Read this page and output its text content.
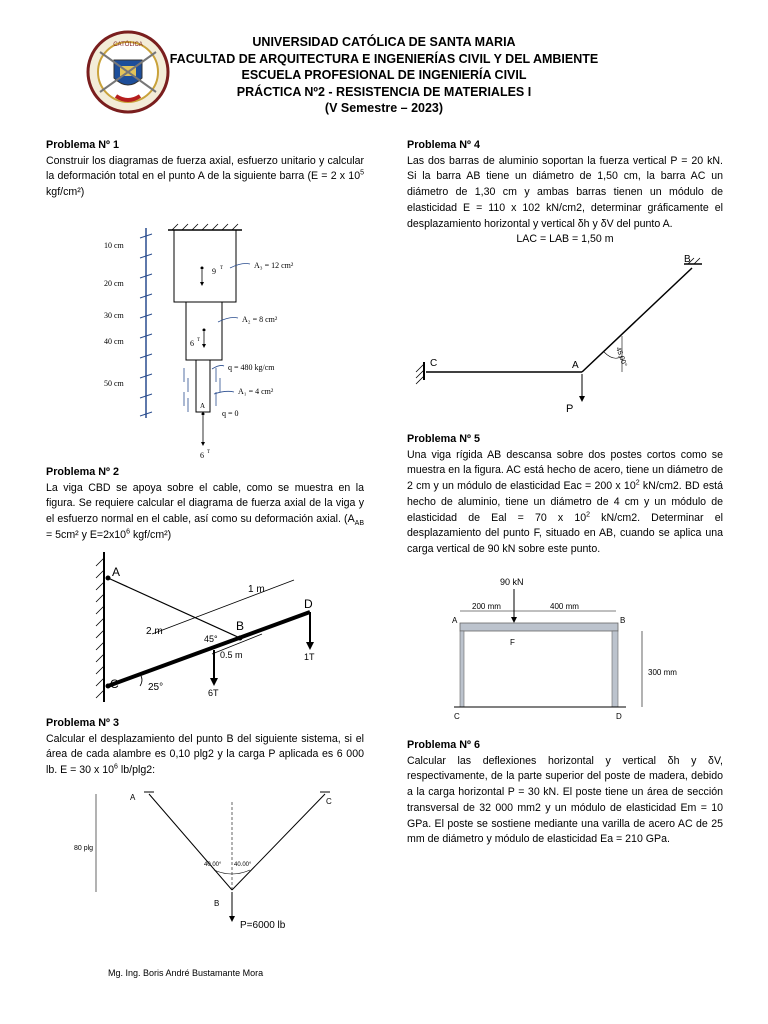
CATÓLICA	UNIVERSIDAD CATÓLICA DE SANTA MARIA
FACULTAD DE ARQUITECTURA E INGENIERÍAS CIVIL Y DEL AMBIENTE
ESCUELA PROFESIONAL DE INGENIERÍA CIVIL
PRÁCTICA Nº2 - RESISTENCIA DE MATERIALES I
(V Semestre – 2023)

Problema Nº 1

Construir los diagramas de fuerza axial, esfuerzo unitario y calcular la deformación total en el punto A de la siguiente barra (E = 2 x $10^5$ kgf/cm²)

10 cm
20 cm
30 cm
40 cm
50 cm
9 T
6 T
A
6 T
A₃ = 12 cm²
A₂ = 8 cm²
q = 480 kg/cm
A₁ = 4 cm²
q = 0

Problema Nº 2

La viga CBD se apoya sobre el cable, como se muestra en la figura. Se requiere calcular el diagrama de fuerza axial de la viga y el esfuerzo normal en el cable, así como su deformación axial. ($A_{AB} = 5cm^2$ y $E=2x10^6$ kgf/cm²)

A
B
D
1T
6T
1 m
2 m
0.5 m
45°
25°

Problema Nº 3

Calcular el desplazamiento del punto B del siguiente sistema, si el área de cada alambre es 0,10 plg2 y la carga P aplicada es 6 000 lb. E = 30 x $10^6$ lb/plg2:

A	C
40.00° 40.00°
80 plg
B
P=6000 lb

Problema Nº 4

Las dos barras de aluminio soportan la fuerza vertical P = 20 kN. Si la barra AB tiene un diámetro de 1,50 cm, la barra AC un diámetro de 1,30 cm y ambas barras tienen un módulo de elasticidad E = 110 x 102 kN/cm2, determinar gráficamente el desplazamiento horizontal y vertical δh y δV del punto A.

LAC = LAB = 1,50 m

C
B
A
P
45,00°

Problema Nº 5

Una viga rígida AB descansa sobre dos postes cortos como se muestra en la figura. AC está hecho de acero, tiene un diámetro de 2 cm y un módulo de elasticidad Eac = 200 x $10^2$ kN/cm2. BD está hecho de aluminio, tiene un diámetro de 4 cm y un módulo de elasticidad de Eal = 70 x $10^2$ kN/cm2. Determinar el desplazamiento del punto F, situado en AB, cuando se aplica una carga vertical de 90 kN sobre este punto.

90 kN
200 mm	400 mm
A	B
F
C	D
300 mm

Problema Nº 6

Calcular las deflexiones horizontal y vertical δh y δV, respectivamente, de la parte superior del poste de madera, debido a la carga horizontal P = 30 kN. El poste tiene un área de sección transversal de 32 000 mm2 y un módulo de elasticidad Em = 10 GPa. El poste se sostiene mediante una varilla de acero AC de 25 mm de diámetro y módulo de elasticidad Ea = 210 GPa.

Mg. Ing. Boris André Bustamante Mora
